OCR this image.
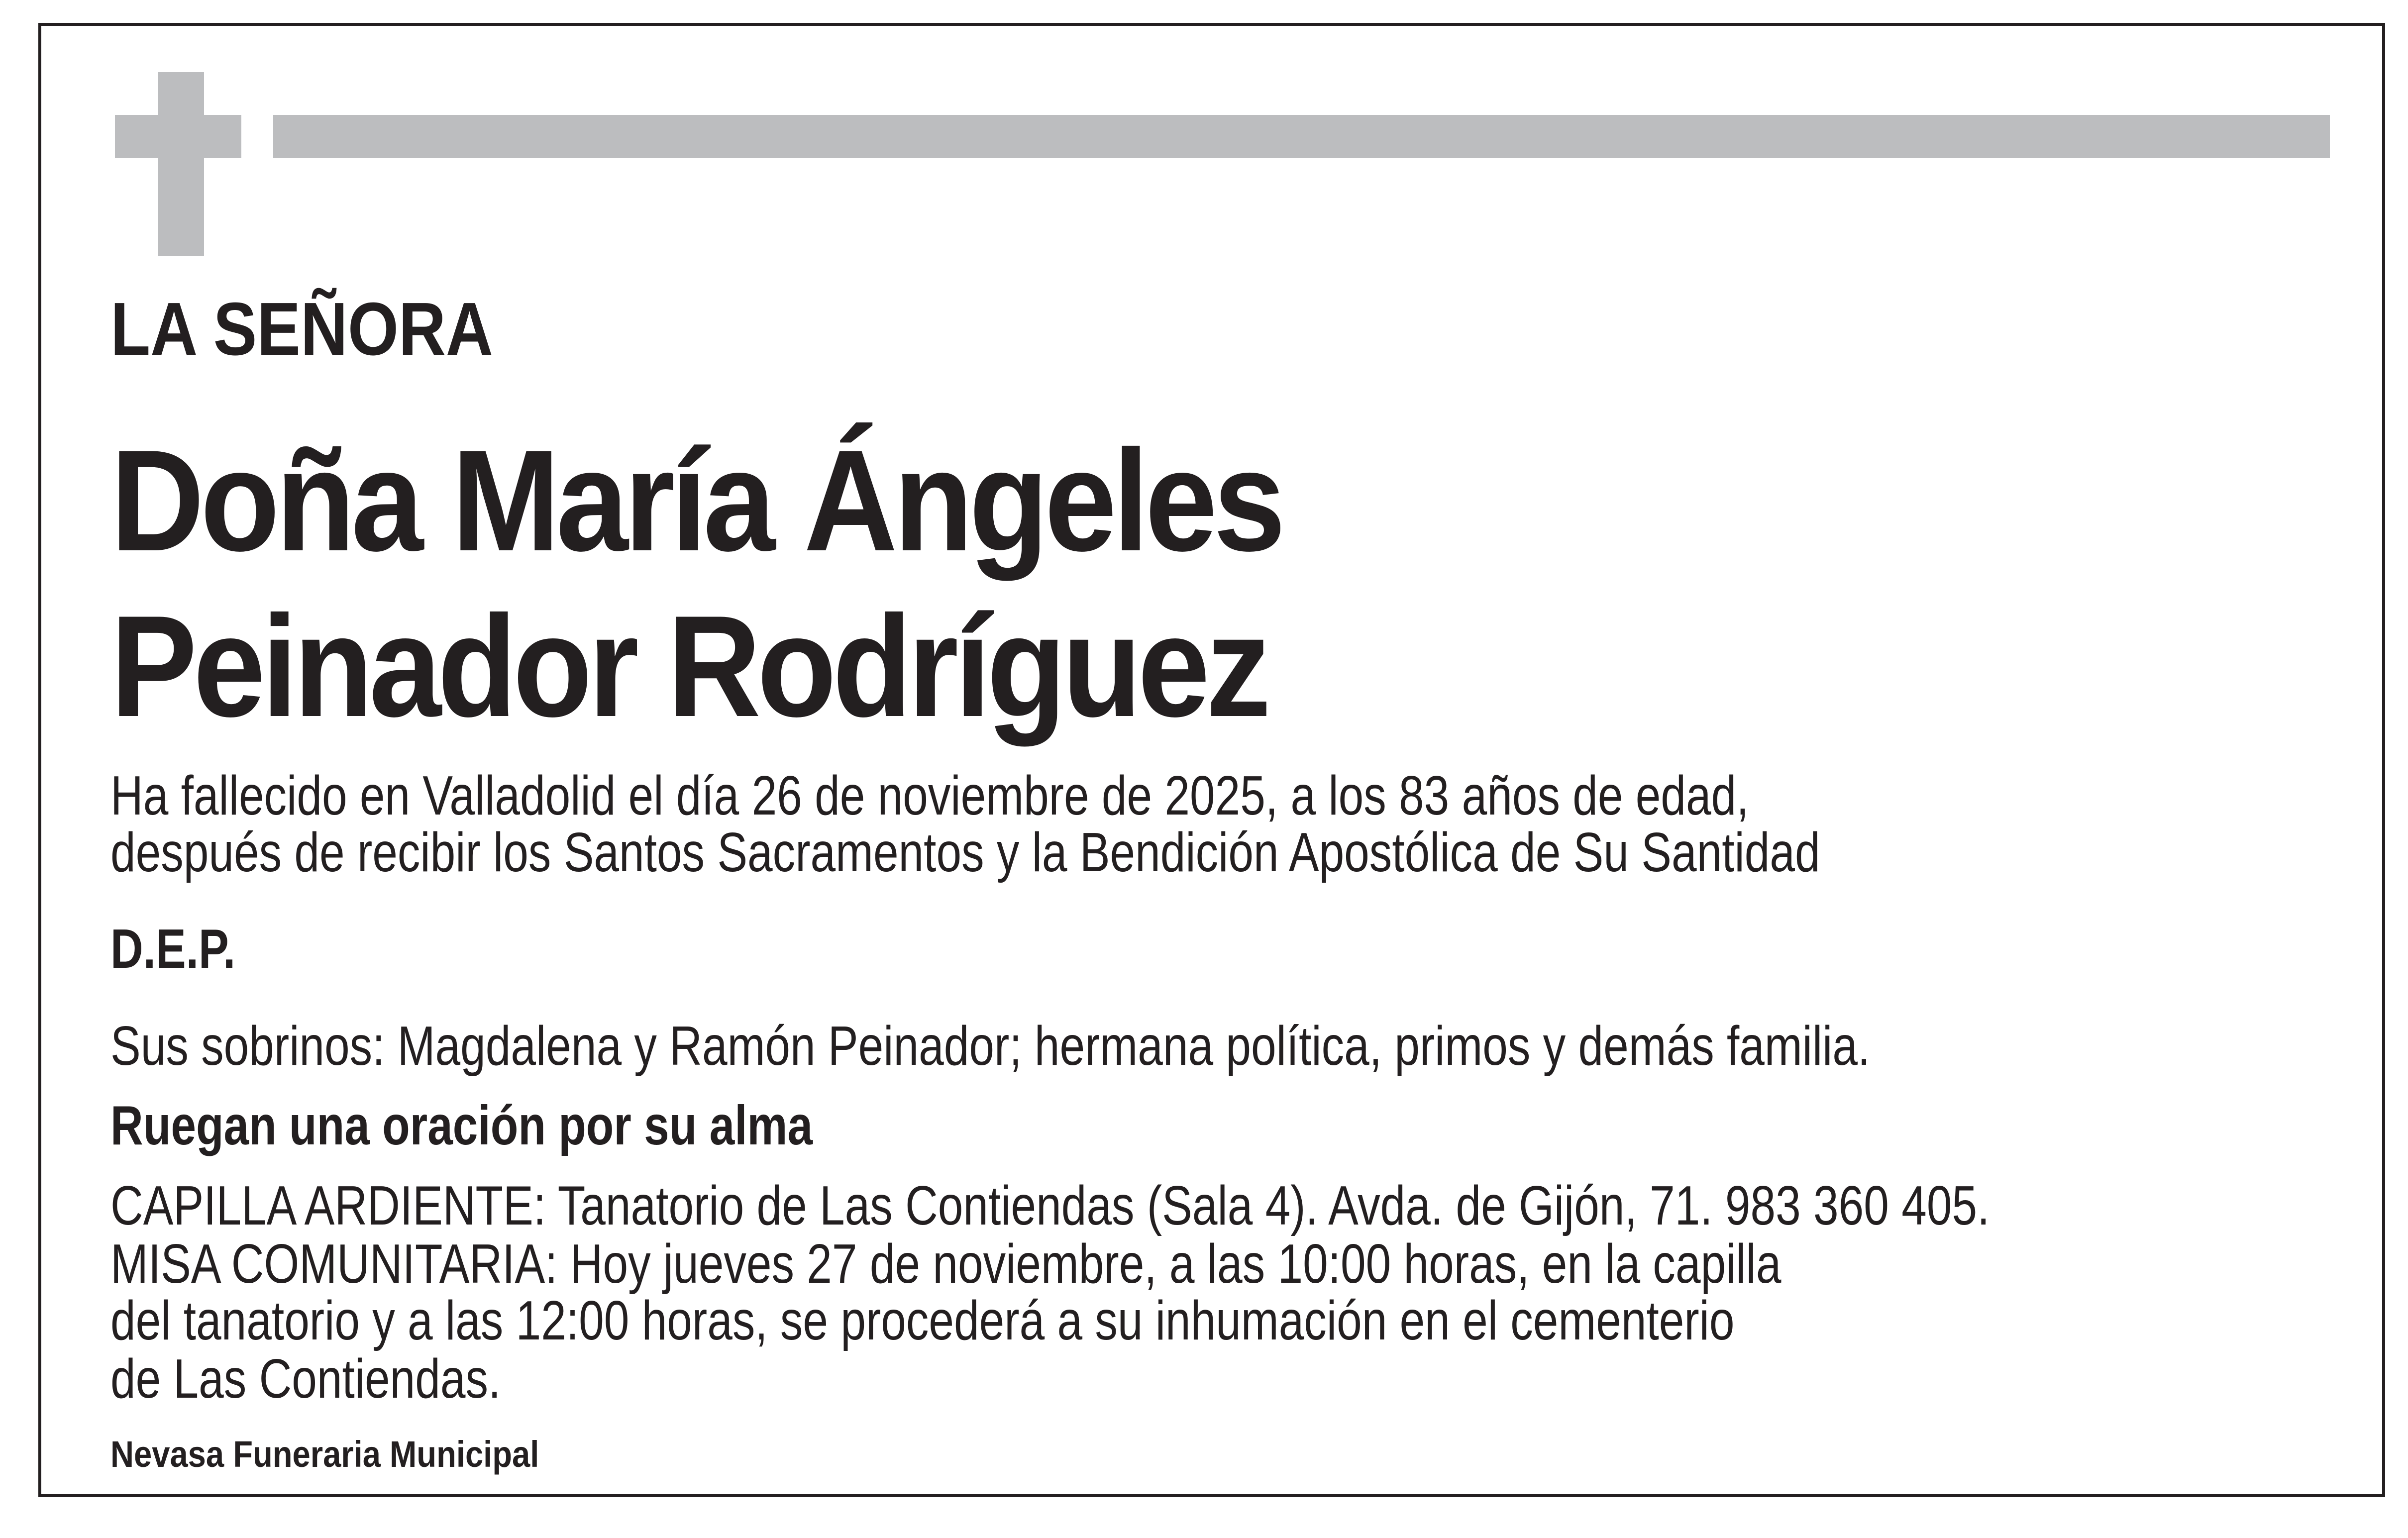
LA SEÑORA
Doña María Ángeles
Peinador Rodríguez
Ha fallecido en Valladolid el día 26 de noviembre de 2025, a los 83 años de edad,
después de recibir los Santos Sacramentos y la Bendición Apostólica de Su Santidad
D.E.P.
Sus sobrinos: Magdalena y Ramón Peinador; hermana política, primos y demás familia.
Ruegan una oración por su alma
CAPILLA ARDIENTE: Tanatorio de Las Contiendas (Sala 4). Avda. de Gijón, 71. 983 360 405.
MISA COMUNITARIA: Hoy jueves 27 de noviembre, a las 10:00 horas, en la capilla
del tanatorio y a las 12:00 horas, se procederá a su inhumación en el cementerio
de Las Contiendas.
Nevasa Funeraria Municipal
